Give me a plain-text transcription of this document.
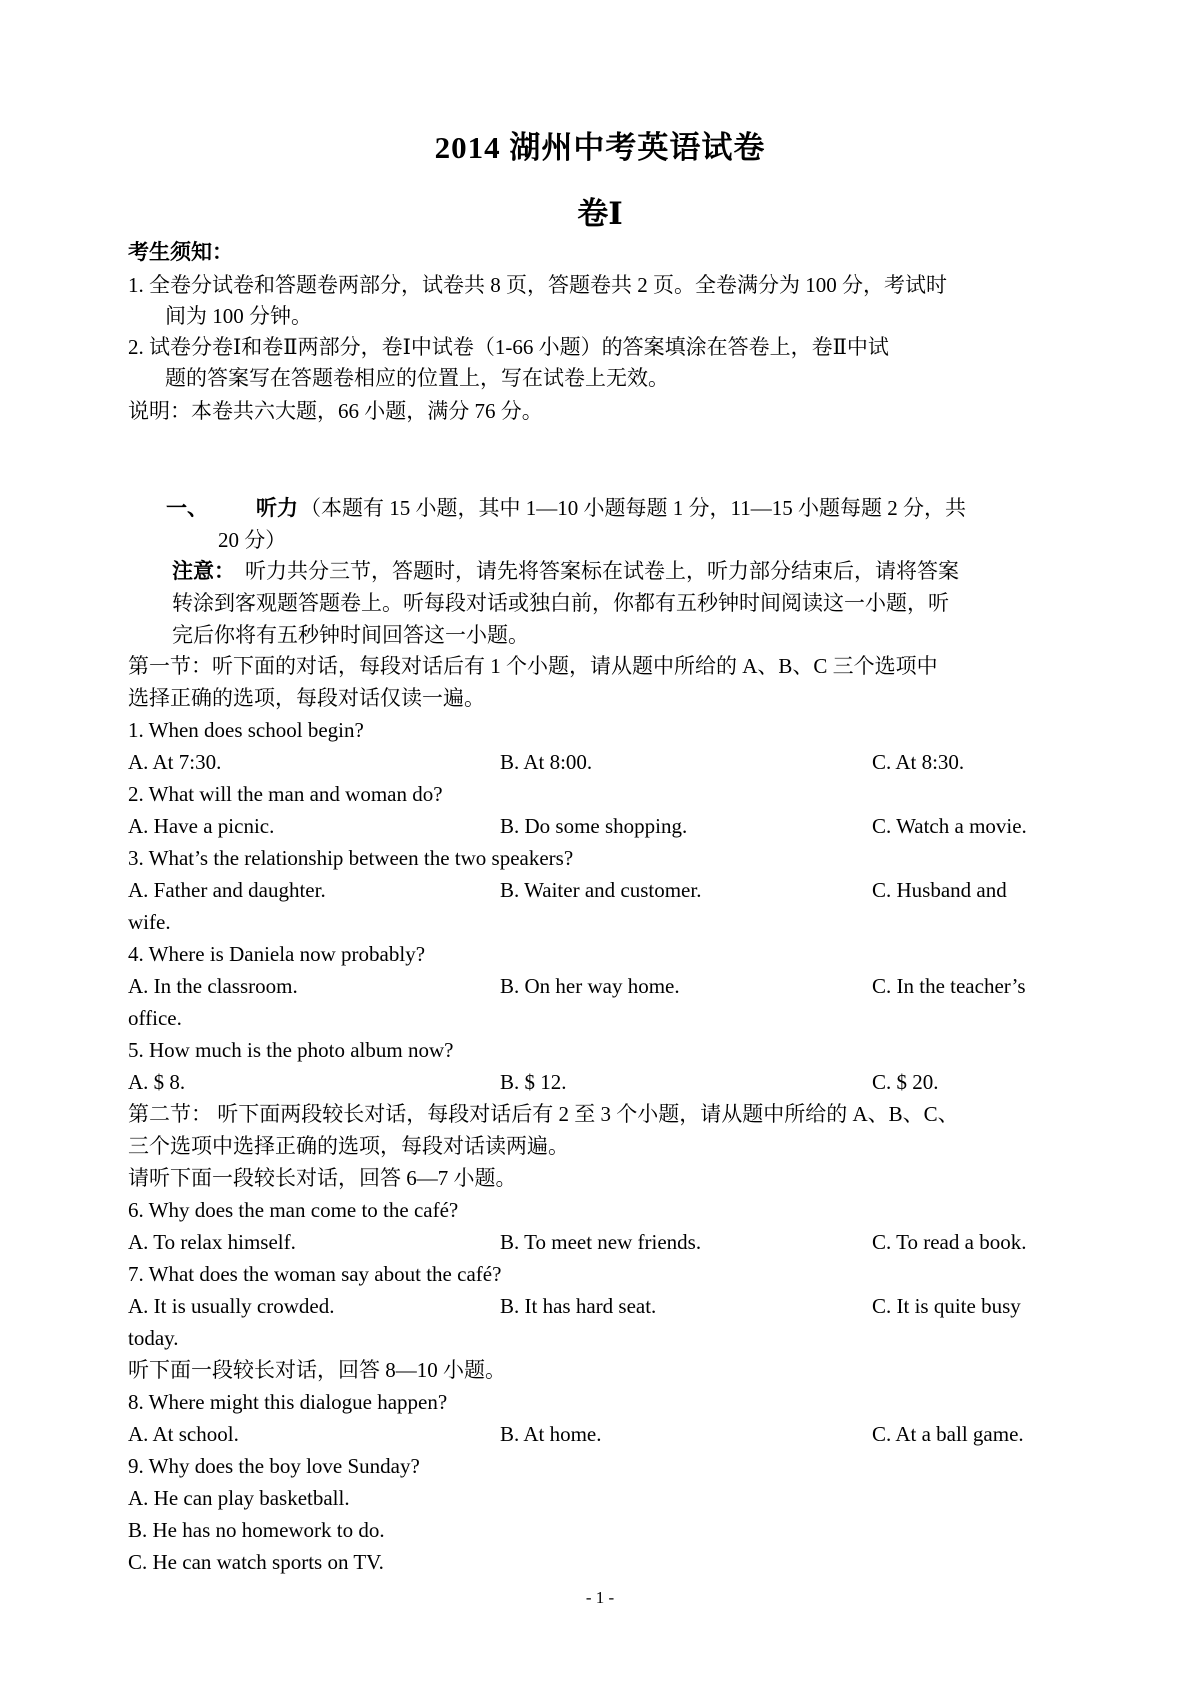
2014 湖州中考英语试卷
卷Ⅰ
考生须知：
1. 全卷分试卷和答题卷两部分，试卷共 8 页，答题卷共 2 页。全卷满分为 100 分，考试时
间为 100 分钟。
2. 试卷分卷Ⅰ和卷Ⅱ两部分，卷Ⅰ中试卷（1-66 小题）的答案填涂在答卷上，卷Ⅱ中试
题的答案写在答题卷相应的位置上，写在试卷上无效。
说明：本卷共六大题，66 小题，满分 76 分。
一、 听力 （本题有 15 小题，其中 1—10 小题每题 1 分，11—15 小题每题 2 分，共
20 分）
注意： 听力共分三节，答题时，请先将答案标在试卷上，听力部分结束后，请将答案
转涂到客观题答题卷上。听每段对话或独白前，你都有五秒钟时间阅读这一小题，听
完后你将有五秒钟时间回答这一小题。
第一节：听下面的对话，每段对话后有 1 个小题，请从题中所给的 A、B、C 三个选项中
选择正确的选项，每段对话仅读一遍。
1. When does school begin?
A. At 7:30.	B. At 8:00.	C. At 8:30.
2. What will the man and woman do?
A. Have a picnic.	B. Do some shopping.	C. Watch a movie.
3. What’s the relationship between the two speakers?
A. Father and daughter.	B. Waiter and customer.	C. Husband and
wife.
4. Where is Daniela now probably?
A. In the classroom.	B. On her way home.	C. In the teacher’s
office.
5. How much is the photo album now?
A. $ 8.	B. $ 12.	C. $ 20.
第二节： 听下面两段较长对话，每段对话后有 2 至 3 个小题，请从题中所给的 A、B、C、
三个选项中选择正确的选项，每段对话读两遍。
请听下面一段较长对话，回答 6—7 小题。
6. Why does the man come to the café?
A. To relax himself.	B. To meet new friends.	C. To read a book.
7. What does the woman say about the café?
A. It is usually crowded.	B. It has hard seat.	C. It is quite busy
today.
听下面一段较长对话，回答 8—10 小题。
8. Where might this dialogue happen?
A. At school.	B. At home.	C. At a ball game.
9. Why does the boy love Sunday?
A. He can play basketball.
B. He has no homework to do.
C. He can watch sports on TV.
- 1 -
